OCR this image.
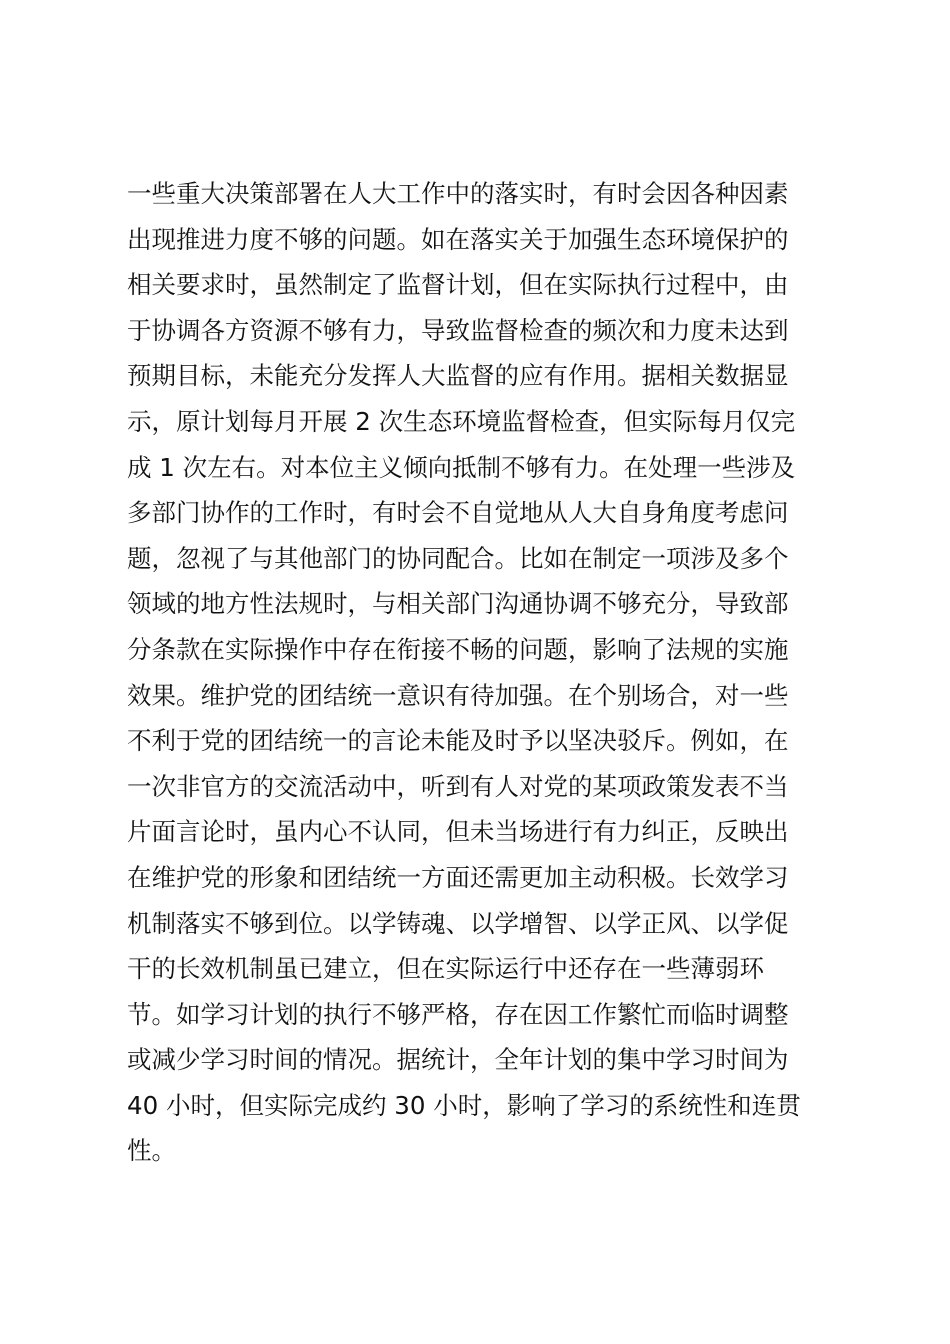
一些重大决策部署在人大工作中的落实时，有时会因各种因素
出现推进力度不够的问题。如在落实关于加强生态环境保护的
相关要求时，虽然制定了监督计划，但在实际执行过程中，由
于协调各方资源不够有力，导致监督检查的频次和力度未达到
预期目标，未能充分发挥人大监督的应有作用。据相关数据显
示，原计划每月开展 2 次生态环境监督检查，但实际每月仅完
成 1 次左右。对本位主义倾向抵制不够有力。在处理一些涉及
多部门协作的工作时，有时会不自觉地从人大自身角度考虑问
题，忽视了与其他部门的协同配合。比如在制定一项涉及多个
领域的地方性法规时，与相关部门沟通协调不够充分，导致部
分条款在实际操作中存在衔接不畅的问题，影响了法规的实施
效果。维护党的团结统一意识有待加强。在个别场合，对一些
不利于党的团结统一的言论未能及时予以坚决驳斥。例如，在
一次非官方的交流活动中，听到有人对党的某项政策发表不当
片面言论时，虽内心不认同，但未当场进行有力纠正，反映出
在维护党的形象和团结统一方面还需更加主动积极。长效学习
机制落实不够到位。以学铸魂、以学增智、以学正风、以学促
干的长效机制虽已建立，但在实际运行中还存在一些薄弱环
节。如学习计划的执行不够严格，存在因工作繁忙而临时调整
或减少学习时间的情况。据统计，全年计划的集中学习时间为
40 小时，但实际完成约 30 小时，影响了学习的系统性和连贯
性。
